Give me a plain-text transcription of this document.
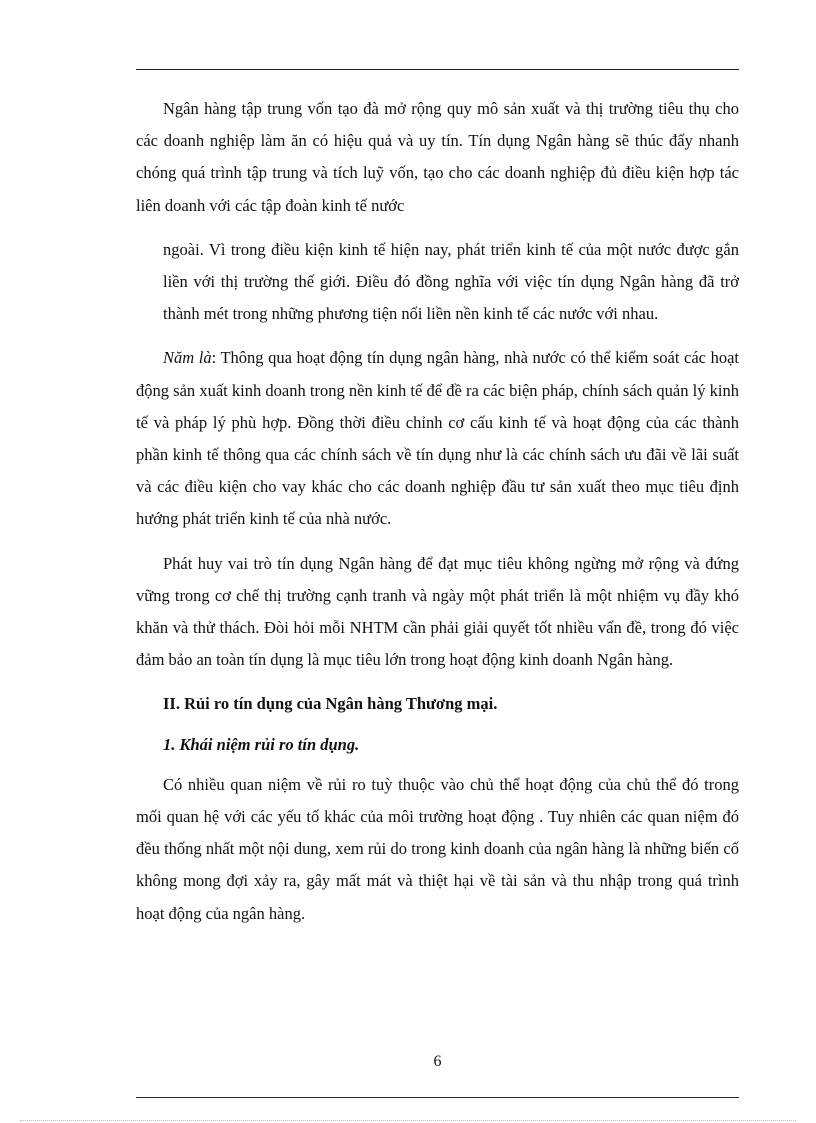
Ngân hàng tập trung vốn tạo đà mở rộng quy mô sản xuất và thị trường tiêu thụ cho các doanh nghiệp làm ăn có hiệu quả và uy tín. Tín dụng Ngân hàng sẽ thúc đẩy nhanh chóng quá trình tập trung và tích luỹ vốn, tạo cho các doanh nghiệp đủ điều kiện hợp tác liên doanh với các tập đoàn kinh tế nước

ngoài. Vì trong điều kiện kinh tế hiện nay, phát triển kinh tế của một nước được gắn liền với thị trường thế giới. Điều đó đồng nghĩa với việc tín dụng Ngân hàng đã trở thành mét trong những phương tiện nối liền nền kinh tế các nước với nhau.

Năm là: Thông qua hoạt động tín dụng ngân hàng, nhà nước có thể kiểm soát các hoạt động sản xuất kinh doanh trong nền kinh tế để đề ra các biện pháp, chính sách quản lý kinh tế và pháp lý phù hợp. Đồng thời điều chỉnh cơ cấu kinh tế và hoạt động của các thành phần kinh tế thông qua các chính sách về tín dụng như là các chính sách ưu đãi về lãi suất và các điều kiện cho vay khác cho các doanh nghiệp đầu tư sản xuất theo mục tiêu định hướng phát triển kinh tế của nhà nước.

Phát huy vai trò tín dụng Ngân hàng để đạt mục tiêu không ngừng mở rộng và đứng vững trong cơ chế thị trường cạnh tranh và ngày một phát triển là một nhiệm vụ đầy khó khăn và thử thách. Đòi hỏi mỗi NHTM cần phải giải quyết tốt nhiều vấn đề, trong đó việc đảm bảo an toàn tín dụng là mục tiêu lớn trong hoạt động kinh doanh Ngân hàng.

II. Rủi ro tín dụng của Ngân hàng Thương mại.

1. Khái niệm rủi ro tín dụng.

Có nhiều quan niệm về rủi ro tuỳ thuộc vào chủ thể hoạt động của chủ thể đó trong mối quan hệ với các yếu tố khác của môi trường hoạt động . Tuy nhiên các quan niệm đó đều thống nhất một nội dung, xem rủi do trong kinh doanh của ngân hàng là những biến cố không mong đợi xảy ra, gây mất mát và thiệt hại về tài sản và thu nhập trong quá trình hoạt động của ngân hàng.

6
